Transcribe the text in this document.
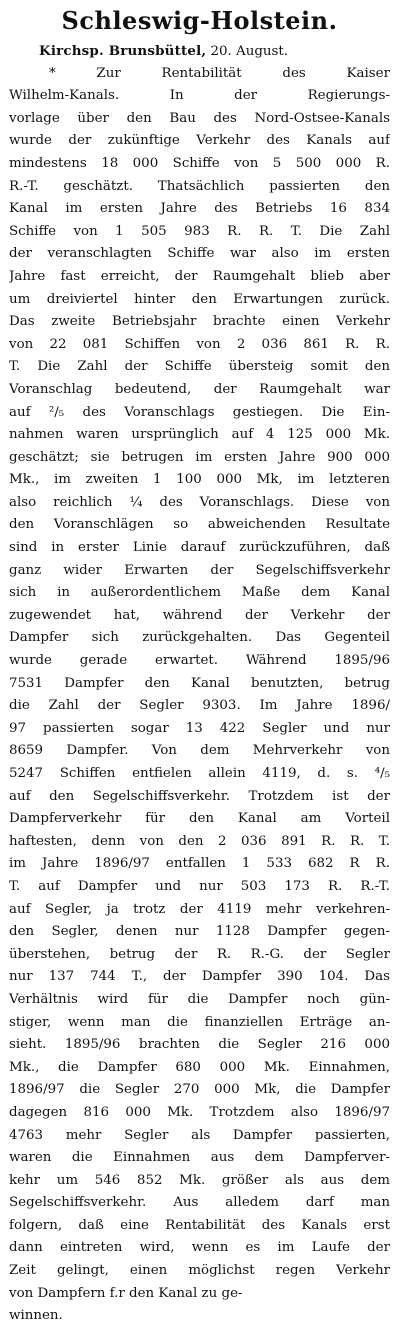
Schleswig-Holstein.
Kirchsp. Brunsbüttel, 20. August.
* Zur Rentabilität des Kaiser
Wilhelm-Kanals. In der Regierungs-
vorlage über den Bau des Nord-Ostsee-Kanals
wurde der zukünftige Verkehr des Kanals auf
mindestens 18 000 Schiffe von 5 500 000 R.
R.-T. geschätzt. Thatsächlich passierten den
Kanal im ersten Jahre des Betriebs 16 834
Schiffe von 1 505 983 R. R. T. Die Zahl
der veranschlagten Schiffe war also im ersten
Jahre fast erreicht, der Raumgehalt blieb aber
um dreiviertel hinter den Erwartungen zurück.
Das zweite Betriebsjahr brachte einen Verkehr
von 22 081 Schiffen von 2 036 861 R. R.
T. Die Zahl der Schiffe übersteig somit den
Voranschlag bedeutend, der Raumgehalt war
auf ²/₅ des Voranschlags gestiegen. Die Ein-
nahmen waren ursprünglich auf 4 125 000 Mk.
geschätzt; sie betrugen im ersten Jahre 900 000
Mk., im zweiten 1 100 000 Mk, im letzteren
also reichlich ¼ des Voranschlags. Diese von
den Voranschlägen so abweichenden Resultate
sind in erster Linie darauf zurückzuführen, daß
ganz wider Erwarten der Segelschiffsverkehr
sich in außerordentlichem Maße dem Kanal
zugewendet hat, während der Verkehr der
Dampfer sich zurückgehalten. Das Gegenteil
wurde gerade erwartet. Während 1895/96
7531 Dampfer den Kanal benutzten, betrug
die Zahl der Segler 9303. Im Jahre 1896/
97 passierten sogar 13 422 Segler und nur
8659 Dampfer. Von dem Mehrverkehr von
5247 Schiffen entfielen allein 4119, d. s. ⁴/₅
auf den Segelschiffsverkehr. Trotzdem ist der
Dampferverkehr für den Kanal am Vorteil
haftesten, denn von den 2 036 891 R. R. T.
im Jahre 1896/97 entfallen 1 533 682 R R.
T. auf Dampfer und nur 503 173 R. R.-T.
auf Segler, ja trotz der 4119 mehr verkehren-
den Segler, denen nur 1128 Dampfer gegen-
überstehen, betrug der R. R.-G. der Segler
nur 137 744 T., der Dampfer 390 104. Das
Verhältnis wird für die Dampfer noch gün-
stiger, wenn man die finanziellen Erträge an-
sieht. 1895/96 brachten die Segler 216 000
Mk., die Dampfer 680 000 Mk. Einnahmen,
1896/97 die Segler 270 000 Mk, die Dampfer
dagegen 816 000 Mk. Trotzdem also 1896/97
4763 mehr Segler als Dampfer passierten,
waren die Einnahmen aus dem Dampferver-
kehr um 546 852 Mk. größer als aus dem
Segelschiffsverkehr. Aus alledem darf man
folgern, daß eine Rentabilität des Kanals erst
dann eintreten wird, wenn es im Laufe der
Zeit gelingt, einen möglichst regen Verkehr
von Dampfern f.r den Kanal zu ge-
winnen.
